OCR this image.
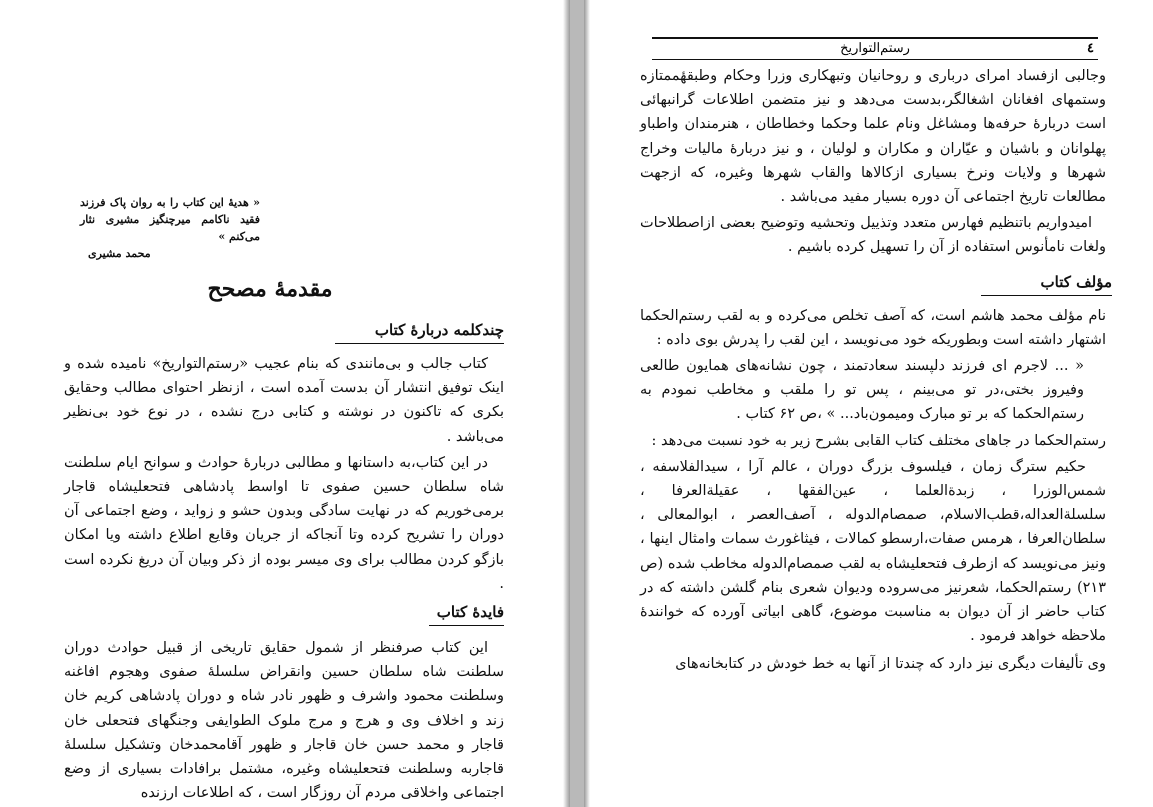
٤
رستم‌التواریخ

وجالبی ازفساد امرای درباری و روحانیان وتبهکاری وزرا وحکام وطبقهٔممتازه وستمهای افغانان اشغالگر،بدست می‌دهد و نیز متضمن اطلاعات گرانبهائی است دربارهٔ حرفه‌ها ومشاغل ونام علما وحکما وخطاطان ، هنرمندان واطباو پهلوانان و باشیان و عیّاران و مکاران و لولیان ، و نیز دربارهٔ مالیات وخراج شهرها و ولایات ونرخ بسیاری ازکالاها والقاب شهرها وغیره، که ازجهت مطالعات تاریخ اجتماعی آن دوره بسیار مفید می‌باشد .

امیدواریم باتنظیم فهارس متعدد وتذییل وتحشیه وتوضیح بعضی ازاصطلاحات ولغات نامأنوس استفاده از آن را تسهیل کرده باشیم .

مؤلف کتاب

نام مؤلف محمد هاشم است، که آصف تخلص می‌کرده و به لقب رستم‌الحکما اشتهار داشته است وبطوریکه خود می‌نویسد ، این لقب را پدرش بوی داده :

« ... لاجرم ای فرزند دلپسند سعادتمند ، چون نشانه‌های همایون طالعی وفیروز بختی،در تو می‌بینم ، پس تو را ملقب و مخاطب نمودم به رستم‌الحکما که بر تو مبارک ومیمون‌باد... » ،ص ۶۲ کتاب .

رستم‌الحکما در جاهای مختلف کتاب القابی بشرح زیر به خود نسبت می‌دهد :

حکیم سترگ زمان ، فیلسوف بزرگ دوران ، عالم آرا ، سیدالفلاسفه ، شمس‌الوزرا ، زبدةالعلما ، عین‌الفقها ، عقیلةالعرفا ، سلسلةالعداله،قطب‌الاسلام، صمصام‌الدوله ، آصف‌العصر ، ابوالمعالی ، سلطان‌العرفا ، هرمس صفات،ارسطو کمالات ، فیثاغورث سمات وامثال اینها ، ونیز می‌نویسد که ازطرف فتحعلیشاه به لقب صمصام‌الدوله مخاطب شده (ص ۲۱۳) رستم‌الحکما، شعرنیز می‌سروده ودیوان شعری بنام گلشن داشته که در کتاب حاضر از آن دیوان به مناسبت موضوع، گاهی ابیاتی آورده که خوانندهٔ ملاحظه خواهد فرمود .

وی تألیفات دیگری نیز دارد که چندتا از آنها به خط خودش در کتابخانه‌های

« هدیهٔ این کتاب را به روان پاک فرزند فقید ناکامم میرچنگیز مشیری نثار می‌کنم »
محمد مشیری
مقدمهٔ مصحح
چندکلمه دربارهٔ کتاب

کتاب جالب و بی‌مانندی که بنام عجیب «رستم‌التواریخ» نامیده شده و اینک توفیق انتشار آن بدست آمده است ، ازنظر احتوای مطالب وحقایق بکری که تاکنون در نوشته و کتابی درج نشده ، در نوع خود بی‌نظیر می‌باشد .

در این کتاب،به داستانها و مطالبی دربارهٔ حوادث و سوانح ایام سلطنت شاه سلطان حسین صفوی تا اواسط پادشاهی فتحعلیشاه قاجار برمی‌خوریم که در نهایت سادگی وبدون حشو و زواید ، وضع اجتماعی آن دوران را تشریح کرده وتا آنجاکه از جریان وقایع اطلاع داشته ویا امکان بازگو کردن مطالب برای وی میسر بوده از ذکر وبیان آن دریغ نکرده است .

فایدهٔ کتاب

این کتاب صرفنظر از شمول حقایق تاریخی از قبیل حوادث دوران سلطنت شاه سلطان حسین وانقراض سلسلهٔ صفوی وهجوم افاغنه وسلطنت محمود واشرف و ظهور نادر شاه و دوران پادشاهی کریم خان زند و اخلاف وی و هرج و مرج ملوک الطوایفی وجنگهای فتحعلی خان قاجار و محمد حسن خان قاجار و ظهور آقامحمدخان وتشکیل سلسلهٔ قاجاربه وسلطنت فتحعلیشاه وغیره، مشتمل برافادات بسیاری از وضع اجتماعی واخلاقی مردم آن روزگار است ، که اطلاعات ارزنده
